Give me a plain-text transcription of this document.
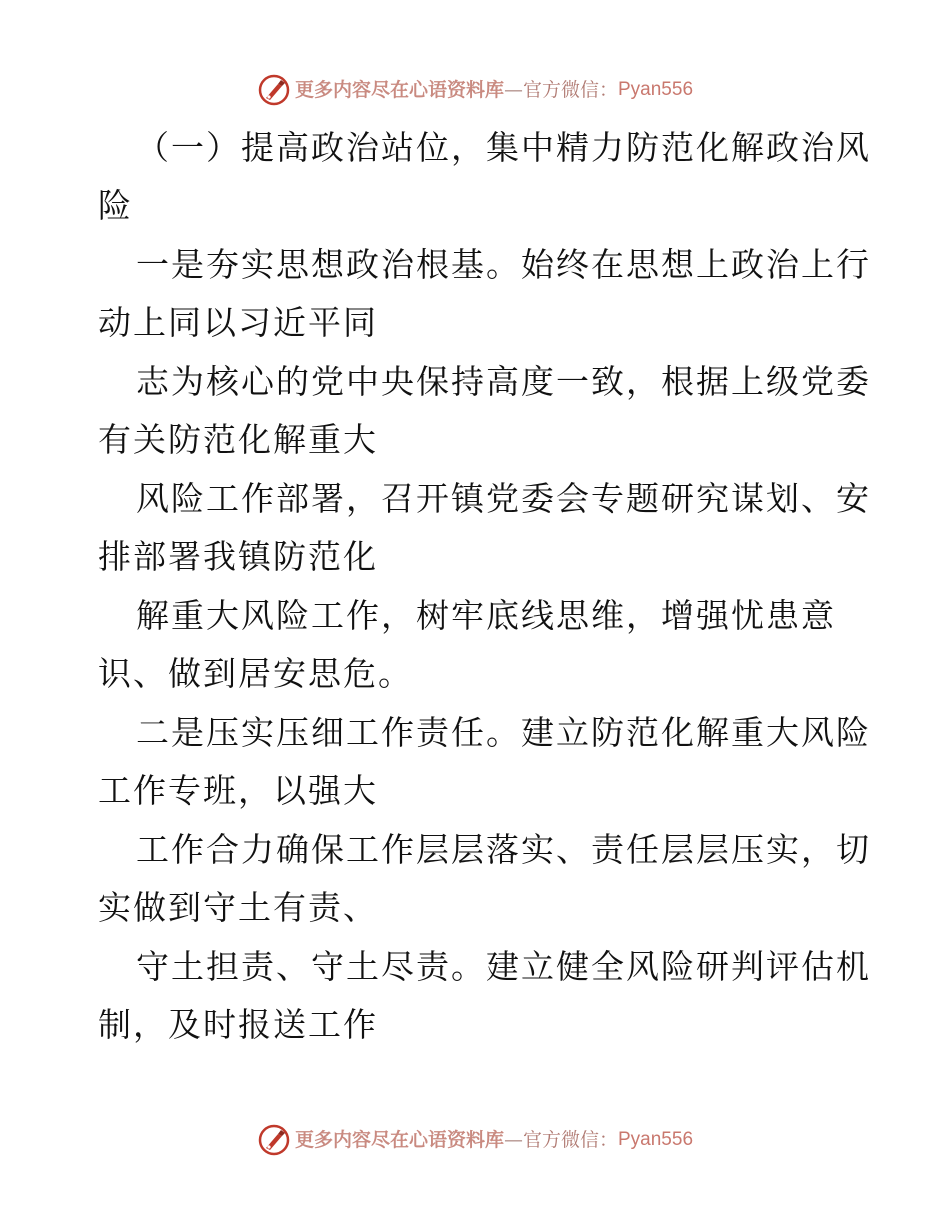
更多内容尽在心语资料库 — 官方微信： Pyan556
（一）提高政治站位，集中精力防范化解政治风
险
一是夯实思想政治根基。始终在思想上政治上行
动上同以习近平同
志为核心的党中央保持高度一致，根据上级党委
有关防范化解重大
风险工作部署，召开镇党委会专题研究谋划、安
排部署我镇防范化
解重大风险工作，树牢底线思维，增强忧患意
识、做到居安思危。
二是压实压细工作责任。建立防范化解重大风险
工作专班，以强大
工作合力确保工作层层落实、责任层层压实，切
实做到守土有责、
守土担责、守土尽责。建立健全风险研判评估机
制，及时报送工作
更多内容尽在心语资料库 — 官方微信： Pyan556
